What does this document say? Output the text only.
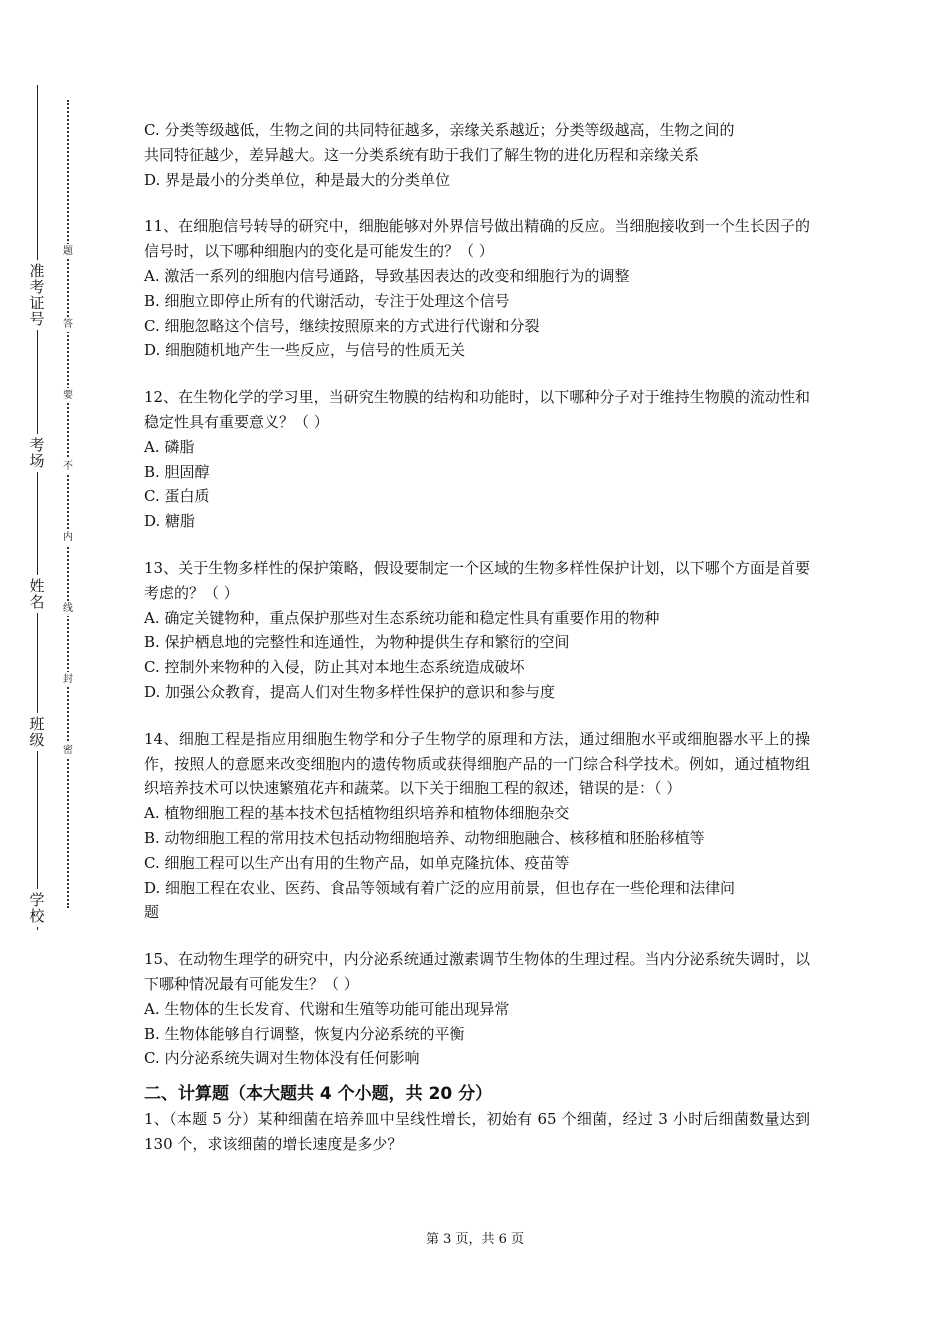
准考证号
考场
姓名
班级
学校
题
答
要
不
内
线
封
密
C. 分类等级越低，生物之间的共同特征越多，亲缘关系越近；分类等级越高，生物之间的
共同特征越少，差异越大。这一分类系统有助于我们了解生物的进化历程和亲缘关系
D. 界是最小的分类单位，种是最大的分类单位
11、在细胞信号转导的研究中，细胞能够对外界信号做出精确的反应。当细胞接收到一个生长因子的信号时，以下哪种细胞内的变化是可能发生的？（ ）
A. 激活一系列的细胞内信号通路，导致基因表达的改变和细胞行为的调整
B. 细胞立即停止所有的代谢活动，专注于处理这个信号
C. 细胞忽略这个信号，继续按照原来的方式进行代谢和分裂
D. 细胞随机地产生一些反应，与信号的性质无关
12、在生物化学的学习里，当研究生物膜的结构和功能时，以下哪种分子对于维持生物膜的流动性和稳定性具有重要意义？（ ）
A. 磷脂
B. 胆固醇
C. 蛋白质
D. 糖脂
13、关于生物多样性的保护策略，假设要制定一个区域的生物多样性保护计划，以下哪个方面是首要考虑的？（ ）
A. 确定关键物种，重点保护那些对生态系统功能和稳定性具有重要作用的物种
B. 保护栖息地的完整性和连通性，为物种提供生存和繁衍的空间
C. 控制外来物种的入侵，防止其对本地生态系统造成破坏
D. 加强公众教育，提高人们对生物多样性保护的意识和参与度
14、细胞工程是指应用细胞生物学和分子生物学的原理和方法，通过细胞水平或细胞器水平上的操作，按照人的意愿来改变细胞内的遗传物质或获得细胞产品的一门综合科学技术。例如，通过植物组织培养技术可以快速繁殖花卉和蔬菜。以下关于细胞工程的叙述，错误的是：（ ）
A. 植物细胞工程的基本技术包括植物组织培养和植物体细胞杂交
B. 动物细胞工程的常用技术包括动物细胞培养、动物细胞融合、核移植和胚胎移植等
C. 细胞工程可以生产出有用的生物产品，如单克隆抗体、疫苗等
D. 细胞工程在农业、医药、食品等领域有着广泛的应用前景，但也存在一些伦理和法律问
题
15、在动物生理学的研究中，内分泌系统通过激素调节生物体的生理过程。当内分泌系统失调时，以下哪种情况最有可能发生？（ ）
A. 生物体的生长发育、代谢和生殖等功能可能出现异常
B. 生物体能够自行调整，恢复内分泌系统的平衡
C. 内分泌系统失调对生物体没有任何影响
二、计算题（本大题共 4 个小题，共 20 分）
1、（本题 5 分）某种细菌在培养皿中呈线性增长，初始有 65 个细菌，经过 3 小时后细菌数量达到 130 个，求该细菌的增长速度是多少？
第 3 页，共 6 页
